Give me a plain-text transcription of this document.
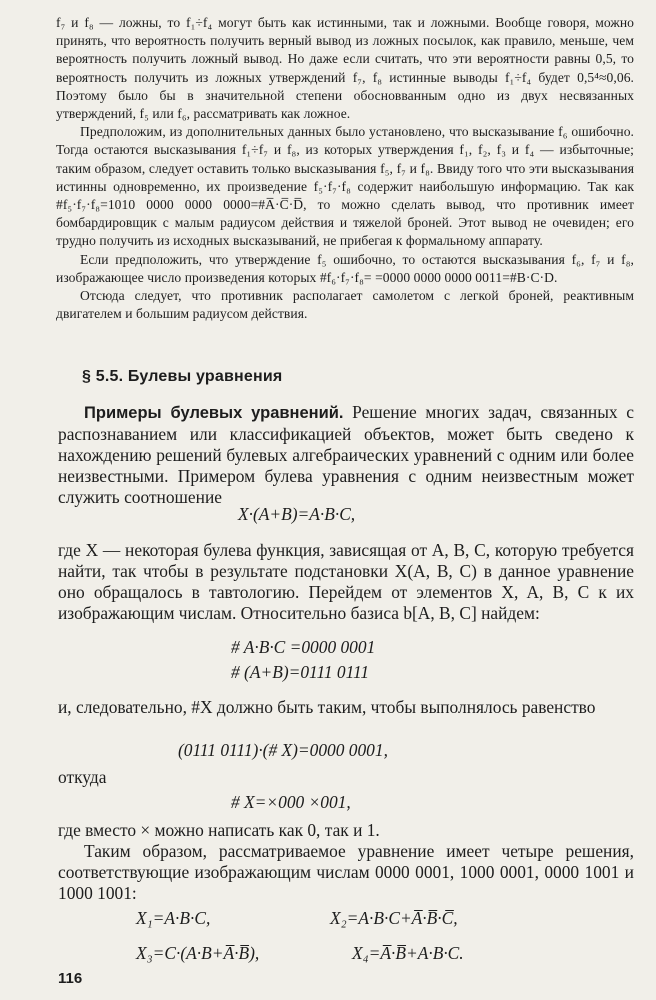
f₇ и f₈ — ложны, то f₁÷f₄ могут быть как истинными, так и ложными. Вообще говоря, можно принять, что вероятность получить верный вывод из ложных посылок, как правило, меньше, чем вероятность получить ложный вывод. Но даже если считать, что эти вероятности равны 0,5, то вероятность получить из ложных утверждений f₇, f₈ истинные выводы f₁÷f₄ будет 0,5⁴≈0,06. Поэтому было бы в значительной степени обосновванным одно из двух несвязанных утверждений, f₅ или f₆, рассматривать как ложное.

Предположим, из дополнительных данных было установлено, что высказывание f₆ ошибочно. Тогда остаются высказывания f₁÷f₇ и f₈, из которых утверждения f₁, f₂, f₃ и f₄ — избыточные; таким образом, следует оставить только высказывания f₅, f₇ и f₈. Ввиду того что эти высказывания истинны одновременно, их произведение f₅·f₇·f₈ содержит наибольшую информацию. Так как #f₅·f₇·f₈=1010 0000 0000 0000=#A̅·C̅·D̅, то можно сделать вывод, что противник имеет бомбардировщик с малым радиусом действия и тяжелой броней. Этот вывод не очевиден; его трудно получить из исходных высказываний, не прибегая к формальному аппарату.

Если предположить, что утверждение f₅ ошибочно, то остаются высказывания f₆, f₇ и f₈, изображающее число произведения которых #f₆·f₇·f₈= =0000 0000 0000 0011=#B·C·D.

Отсюда следует, что противник располагает самолетом с легкой броней, реактивным двигателем и большим радиусом действия.

§ 5.5. Булевы уравнения

Примеры булевых уравнений. Решение многих задач, связанных с распознаванием или классификацией объектов, может быть сведено к нахождению решений булевых алгебраических уравнений с одним или более неизвестными. Примером булева уравнения с одним неизвестным может служить соотношение

X·(A+B)=A·B·C,

где X — некоторая булева функция, зависящая от A, B, C, которую требуется найти, так чтобы в результате подстановки X(A, B, C) в данное уравнение оно обращалось в тавтологию. Перейдем от элементов X, A, B, C к их изображающим числам. Относительно базиса b[A, B, C] найдем:

# A·B·C =0000 0001
# (A+B)=0111 0111

и, следовательно, #X должно быть таким, чтобы выполнялось равенство

(0111 0111)·(# X)=0000 0001,

откуда

# X=×000 ×001,

где вместо × можно написать как 0, так и 1.

Таким образом, рассматриваемое уравнение имеет четыре решения, соответствующие изображающим числам 0000 0001, 1000 0001, 0000 1001 и 1000 1001:

X₁=A·B·C,	X₂=A·B·C+A̅·B̅·C̅,
X₃=C·(A·B+A̅·B̅),	X₄=A̅·B̅+A·B·C.
116
